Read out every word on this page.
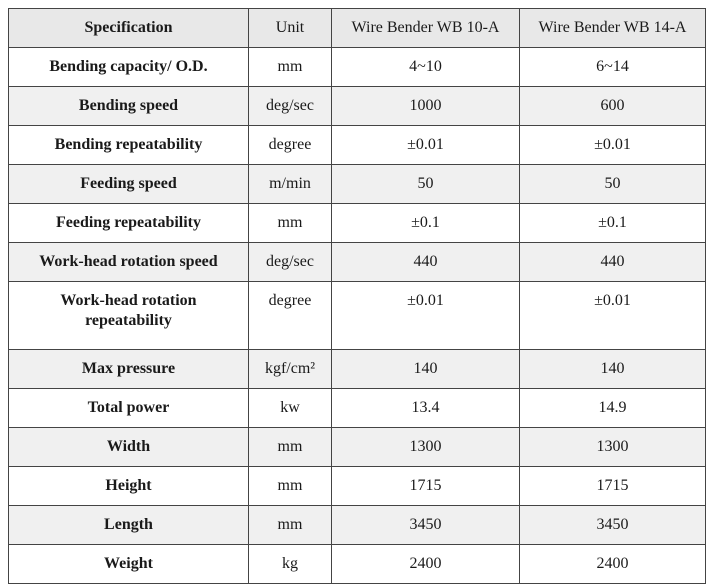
Specification	Unit	Wire Bender WB 10-A	Wire Bender WB 14-A
Bending capacity/ O.D.	mm	4~10	6~14
Bending speed	deg/sec	1000	600
Bending repeatability	degree	±0.01	±0.01
Feeding speed	m/min	50	50
Feeding repeatability	mm	±0.1	±0.1
Work-head rotation speed	deg/sec	440	440
Work-head rotation
repeatability	degree	±0.01	±0.01
Max pressure	kgf/cm²	140	140
Total power	kw	13.4	14.9
Width	mm	1300	1300
Height	mm	1715	1715
Length	mm	3450	3450
Weight	kg	2400	2400
